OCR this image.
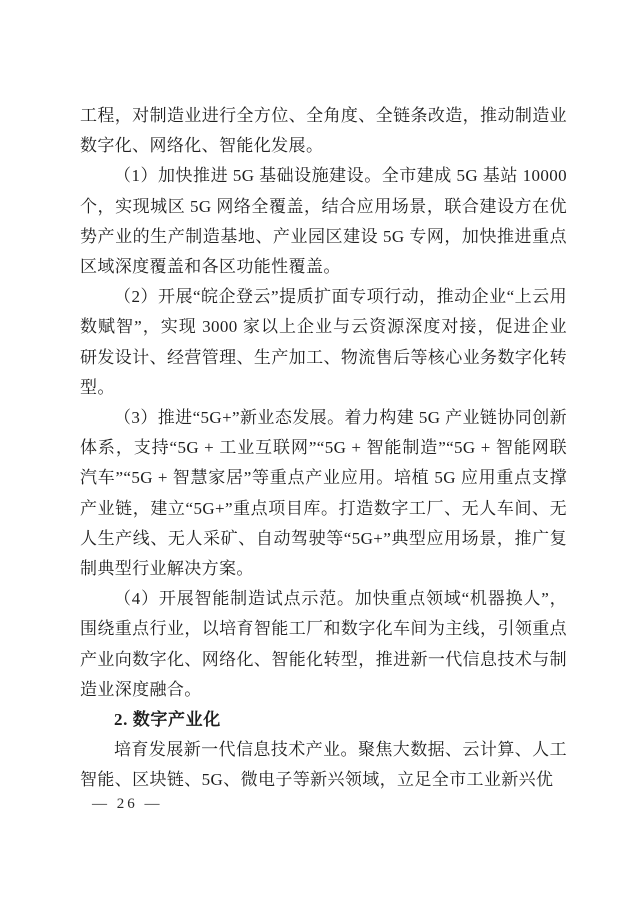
工程，对制造业进行全方位、全角度、全链条改造，推动制造业数字化、网络化、智能化发展。

（1）加快推进 5G 基础设施建设。全市建成 5G 基站 10000 个，实现城区 5G 网络全覆盖，结合应用场景，联合建设方在优势产业的生产制造基地、产业园区建设 5G 专网，加快推进重点区域深度覆盖和各区功能性覆盖。

（2）开展“皖企登云”提质扩面专项行动，推动企业“上云用数赋智”，实现 3000 家以上企业与云资源深度对接，促进企业研发设计、经营管理、生产加工、物流售后等核心业务数字化转型。

（3）推进“5G+”新业态发展。着力构建 5G 产业链协同创新体系，支持“5G + 工业互联网”“5G + 智能制造”“5G + 智能网联汽车”“5G + 智慧家居”等重点产业应用。培植 5G 应用重点支撑产业链，建立“5G+”重点项目库。打造数字工厂、无人车间、无人生产线、无人采矿、自动驾驶等“5G+”典型应用场景，推广复制典型行业解决方案。

（4）开展智能制造试点示范。加快重点领域“机器换人”，围绕重点行业，以培育智能工厂和数字化车间为主线，引领重点产业向数字化、网络化、智能化转型，推进新一代信息技术与制造业深度融合。

2. 数字产业化

培育发展新一代信息技术产业。聚焦大数据、云计算、人工智能、区块链、5G、微电子等新兴领域，立足全市工业新兴优

— 26 —
